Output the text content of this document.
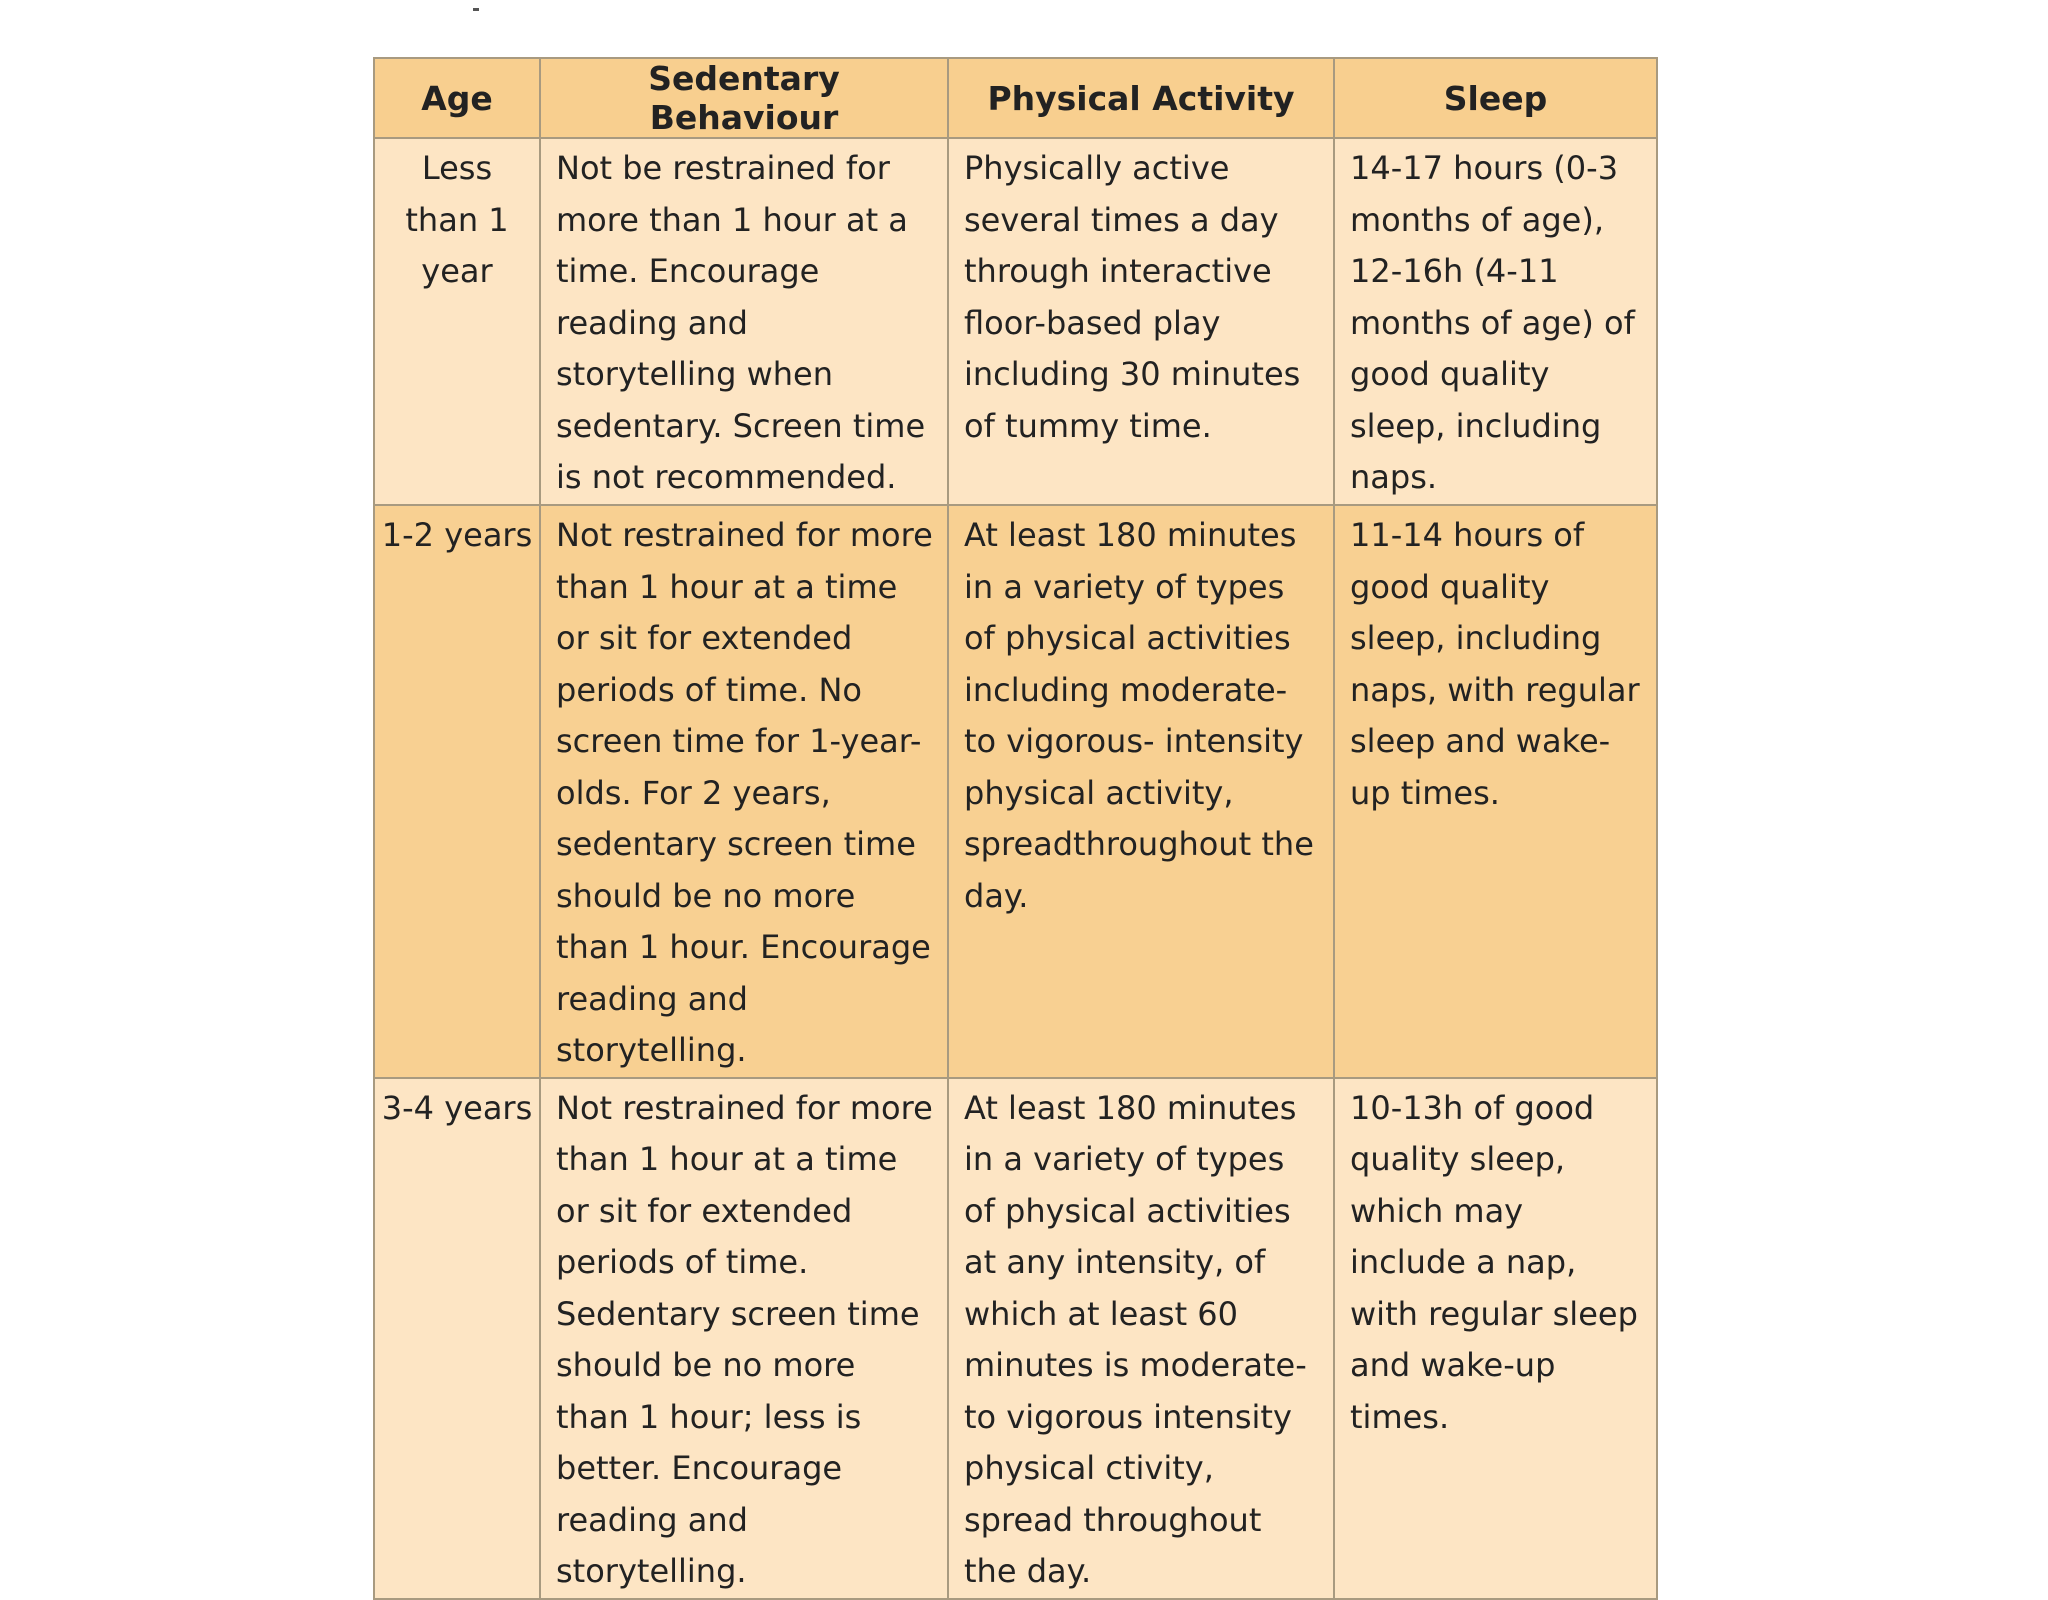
Age	Sedentary Behaviour	Physical Activity	Sleep
Less than 1 year	Not be restrained for more than 1 hour at a time. Encourage reading and storytelling when sedentary. Screen time is not recommended.	Physically active several times a day through interactive floor-based play including 30 minutes of tummy time.	14-17 hours (0-3 months of age), 12-16h (4-11 months of age) of good quality sleep, including naps.
1-2 years	Not restrained for more than 1 hour at a time or sit for extended periods of time. No screen time for 1-year-olds. For 2 years, sedentary screen time should be no more than 1 hour. Encourage reading and storytelling.	At least 180 minutes in a variety of types of physical activities including moderate- to vigorous- intensity physical activity, spreadthroughout the day.	11-14 hours of good quality sleep, including naps, with regular sleep and wake-up times.
3-4 years	Not restrained for more than 1 hour at a time or sit for extended periods of time. Sedentary screen time should be no more than 1 hour; less is better. Encourage reading and storytelling.	At least 180 minutes in a variety of types of physical activities at any intensity, of which at least 60 minutes is moderate- to vigorous intensity physical ctivity, spread throughout the day.	10-13h of good quality sleep, which may include a nap, with regular sleep and wake-up times.
